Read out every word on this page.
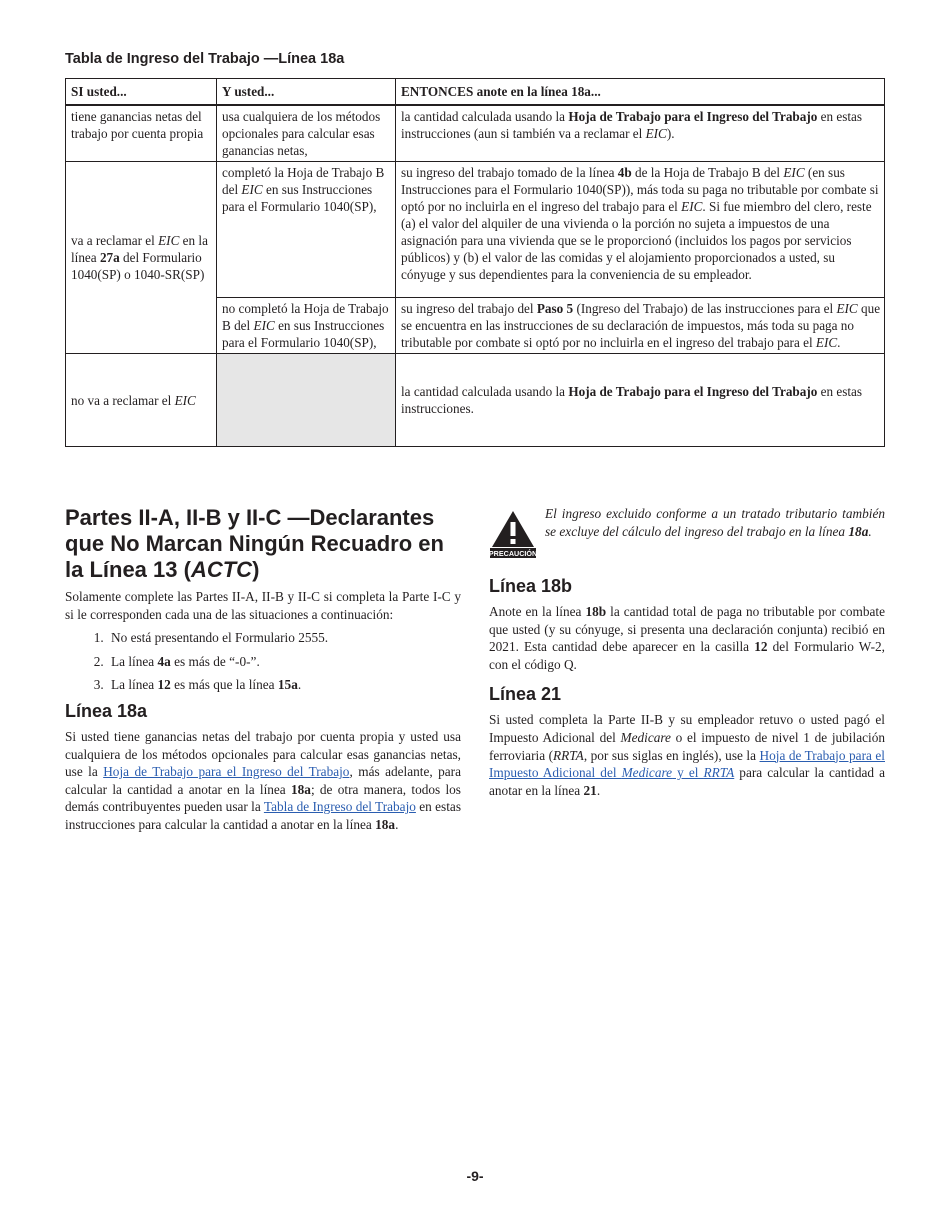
Tabla de Ingreso del Trabajo —Línea 18a
SI usted...	Y usted...	ENTONCES anote en la línea 18a...
tiene ganancias netas del trabajo por cuenta propia	usa cualquiera de los métodos opcionales para calcular esas ganancias netas,	la cantidad calculada usando la Hoja de Trabajo para el Ingreso del Trabajo en estas instrucciones (aun si también va a reclamar el EIC).
va a reclamar el EIC en la línea 27a del Formulario 1040(SP) o 1040-SR(SP)	completó la Hoja de Trabajo B del EIC en sus Instrucciones para el Formulario 1040(SP),	su ingreso del trabajo tomado de la línea 4b de la Hoja de Trabajo B del EIC (en sus Instrucciones para el Formulario 1040(SP)), más toda su paga no tributable por combate si optó por no incluirla en el ingreso del trabajo para el EIC. Si fue miembro del clero, reste (a) el valor del alquiler de una vivienda o la porción no sujeta a impuestos de una asignación para una vivienda que se le proporcionó (incluidos los pagos por servicios públicos) y (b) el valor de las comidas y el alojamiento proporcionados a usted, su cónyuge y sus dependientes para la conveniencia de su empleador.
	no completó la Hoja de Trabajo B del EIC en sus Instrucciones para el Formulario 1040(SP),	su ingreso del trabajo del Paso 5 (Ingreso del Trabajo) de las instrucciones para el EIC que se encuentra en las instrucciones de su declaración de impuestos, más toda su paga no tributable por combate si optó por no incluirla en el ingreso del trabajo para el EIC.
no va a reclamar el EIC		la cantidad calculada usando la Hoja de Trabajo para el Ingreso del Trabajo en estas instrucciones.
Partes II-A, II-B y II-C —Declarantes que No Marcan Ningún Recuadro en la Línea 13 (ACTC)

Solamente complete las Partes II-A, II-B y II-C si completa la Parte I-C y si le corresponden cada una de las situaciones a continuación:

1. No está presentando el Formulario 2555.
2. La línea 4a es más de “-0-”.
3. La línea 12 es más que la línea 15a.
Línea 18a

Si usted tiene ganancias netas del trabajo por cuenta propia y usted usa cualquiera de los métodos opcionales para calcular esas ganancias netas, use la Hoja de Trabajo para el Ingreso del Trabajo, más adelante, para calcular la cantidad a anotar en la línea 18a; de otra manera, todos los demás contribuyentes pueden usar la Tabla de Ingreso del Trabajo en estas instrucciones para calcular la cantidad a anotar en la línea 18a.

PRECAUCIÓN

El ingreso excluido conforme a un tratado tributario también se excluye del cálculo del ingreso del trabajo en la línea 18a.

Línea 18b

Anote en la línea 18b la cantidad total de paga no tributable por combate que usted (y su cónyuge, si presenta una declaración conjunta) recibió en 2021. Esta cantidad debe aparecer en la casilla 12 del Formulario W-2, con el código Q.

Línea 21

Si usted completa la Parte II-B y su empleador retuvo o usted pagó el Impuesto Adicional del Medicare o el impuesto de nivel 1 de jubilación ferroviaria (RRTA, por sus siglas en inglés), use la Hoja de Trabajo para el Impuesto Adicional del Medicare y el RRTA para calcular la cantidad a anotar en la línea 21.

-9-
